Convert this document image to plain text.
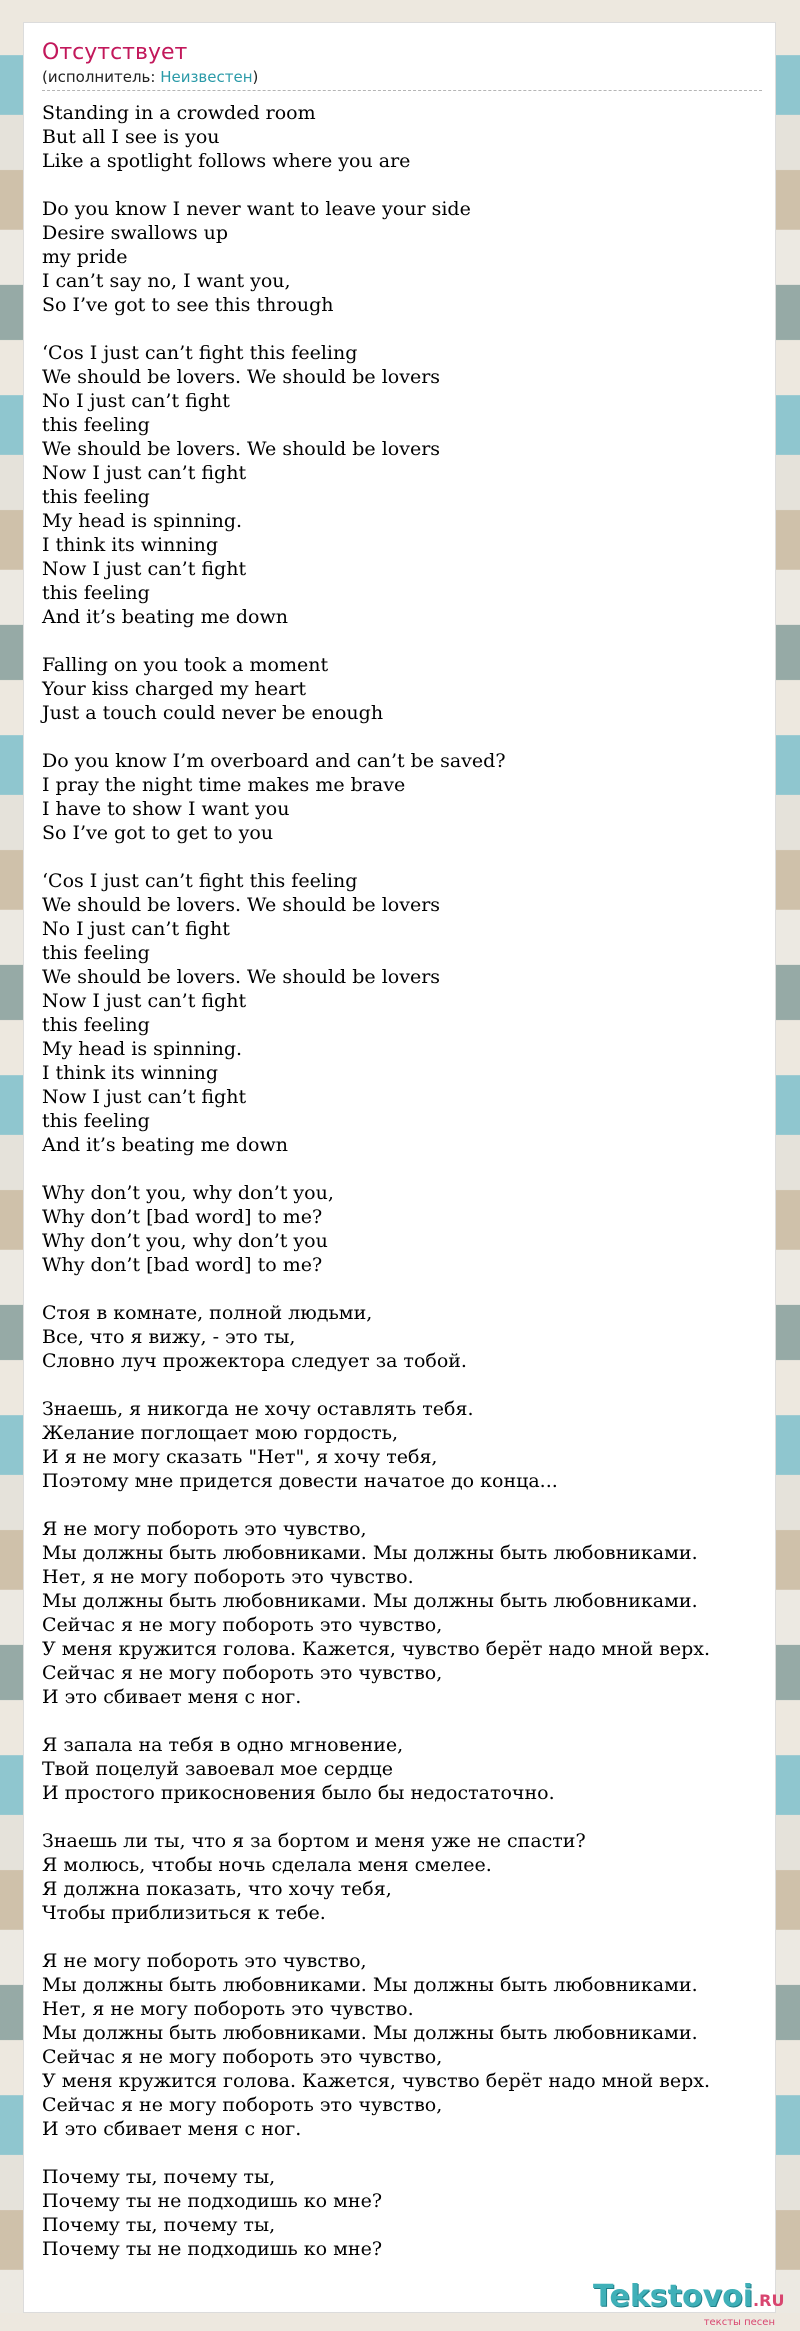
Отсутствует
(исполнитель: Неизвестен)
Standing in a crowded room
But all I see is you
Like a spotlight follows where you are
Do you know I never want to leave your side
Desire swallows up
my pride
I can’t say no, I want you,
So I’ve got to see this through
‘Cos I just can’t fight this feeling
We should be lovers. We should be lovers
No I just can’t fight
this feeling
We should be lovers. We should be lovers
Now I just can’t fight
this feeling
My head is spinning.
I think its winning
Now I just can’t fight
this feeling
And it’s beating me down
Falling on you took a moment
Your kiss charged my heart
Just a touch could never be enough
Do you know I’m overboard and can’t be saved?
I pray the night time makes me brave
I have to show I want you
So I’ve got to get to you
‘Cos I just can’t fight this feeling
We should be lovers. We should be lovers
No I just can’t fight
this feeling
We should be lovers. We should be lovers
Now I just can’t fight
this feeling
My head is spinning.
I think its winning
Now I just can’t fight
this feeling
And it’s beating me down
Why don’t you, why don’t you,
Why don’t [bad word] to me?
Why don’t you, why don’t you
Why don’t [bad word] to me?
Стоя в комнате, полной людьми,
Все, что я вижу, - это ты,
Словно луч прожектора следует за тобой.
Знаешь, я никогда не хочу оставлять тебя.
Желание поглощает мою гордость,
И я не могу сказать "Нет", я хочу тебя,
Поэтому мне придется довести начатое до конца...
Я не могу побороть это чувство,
Мы должны быть любовниками. Мы должны быть любовниками.
Нет, я не могу побороть это чувство.
Мы должны быть любовниками. Мы должны быть любовниками.
Сейчас я не могу побороть это чувство,
У меня кружится голова. Кажется, чувство берёт надо мной верх.
Сейчас я не могу побороть это чувство,
И это сбивает меня с ног.
Я запала на тебя в одно мгновение,
Твой поцелуй завоевал мое сердце
И простого прикосновения было бы недостаточно.
Знаешь ли ты, что я за бортом и меня уже не спасти?
Я молюсь, чтобы ночь сделала меня смелее.
Я должна показать, что хочу тебя,
Чтобы приблизиться к тебе.
Я не могу побороть это чувство,
Мы должны быть любовниками. Мы должны быть любовниками.
Нет, я не могу побороть это чувство.
Мы должны быть любовниками. Мы должны быть любовниками.
Сейчас я не могу побороть это чувство,
У меня кружится голова. Кажется, чувство берёт надо мной верх.
Сейчас я не могу побороть это чувство,
И это сбивает меня с ног.
Почему ты, почему ты,
Почему ты не подходишь ко мне?
Почему ты, почему ты,
Почему ты не подходишь ко мне?
Tekstovoi.RU
тексты песен
